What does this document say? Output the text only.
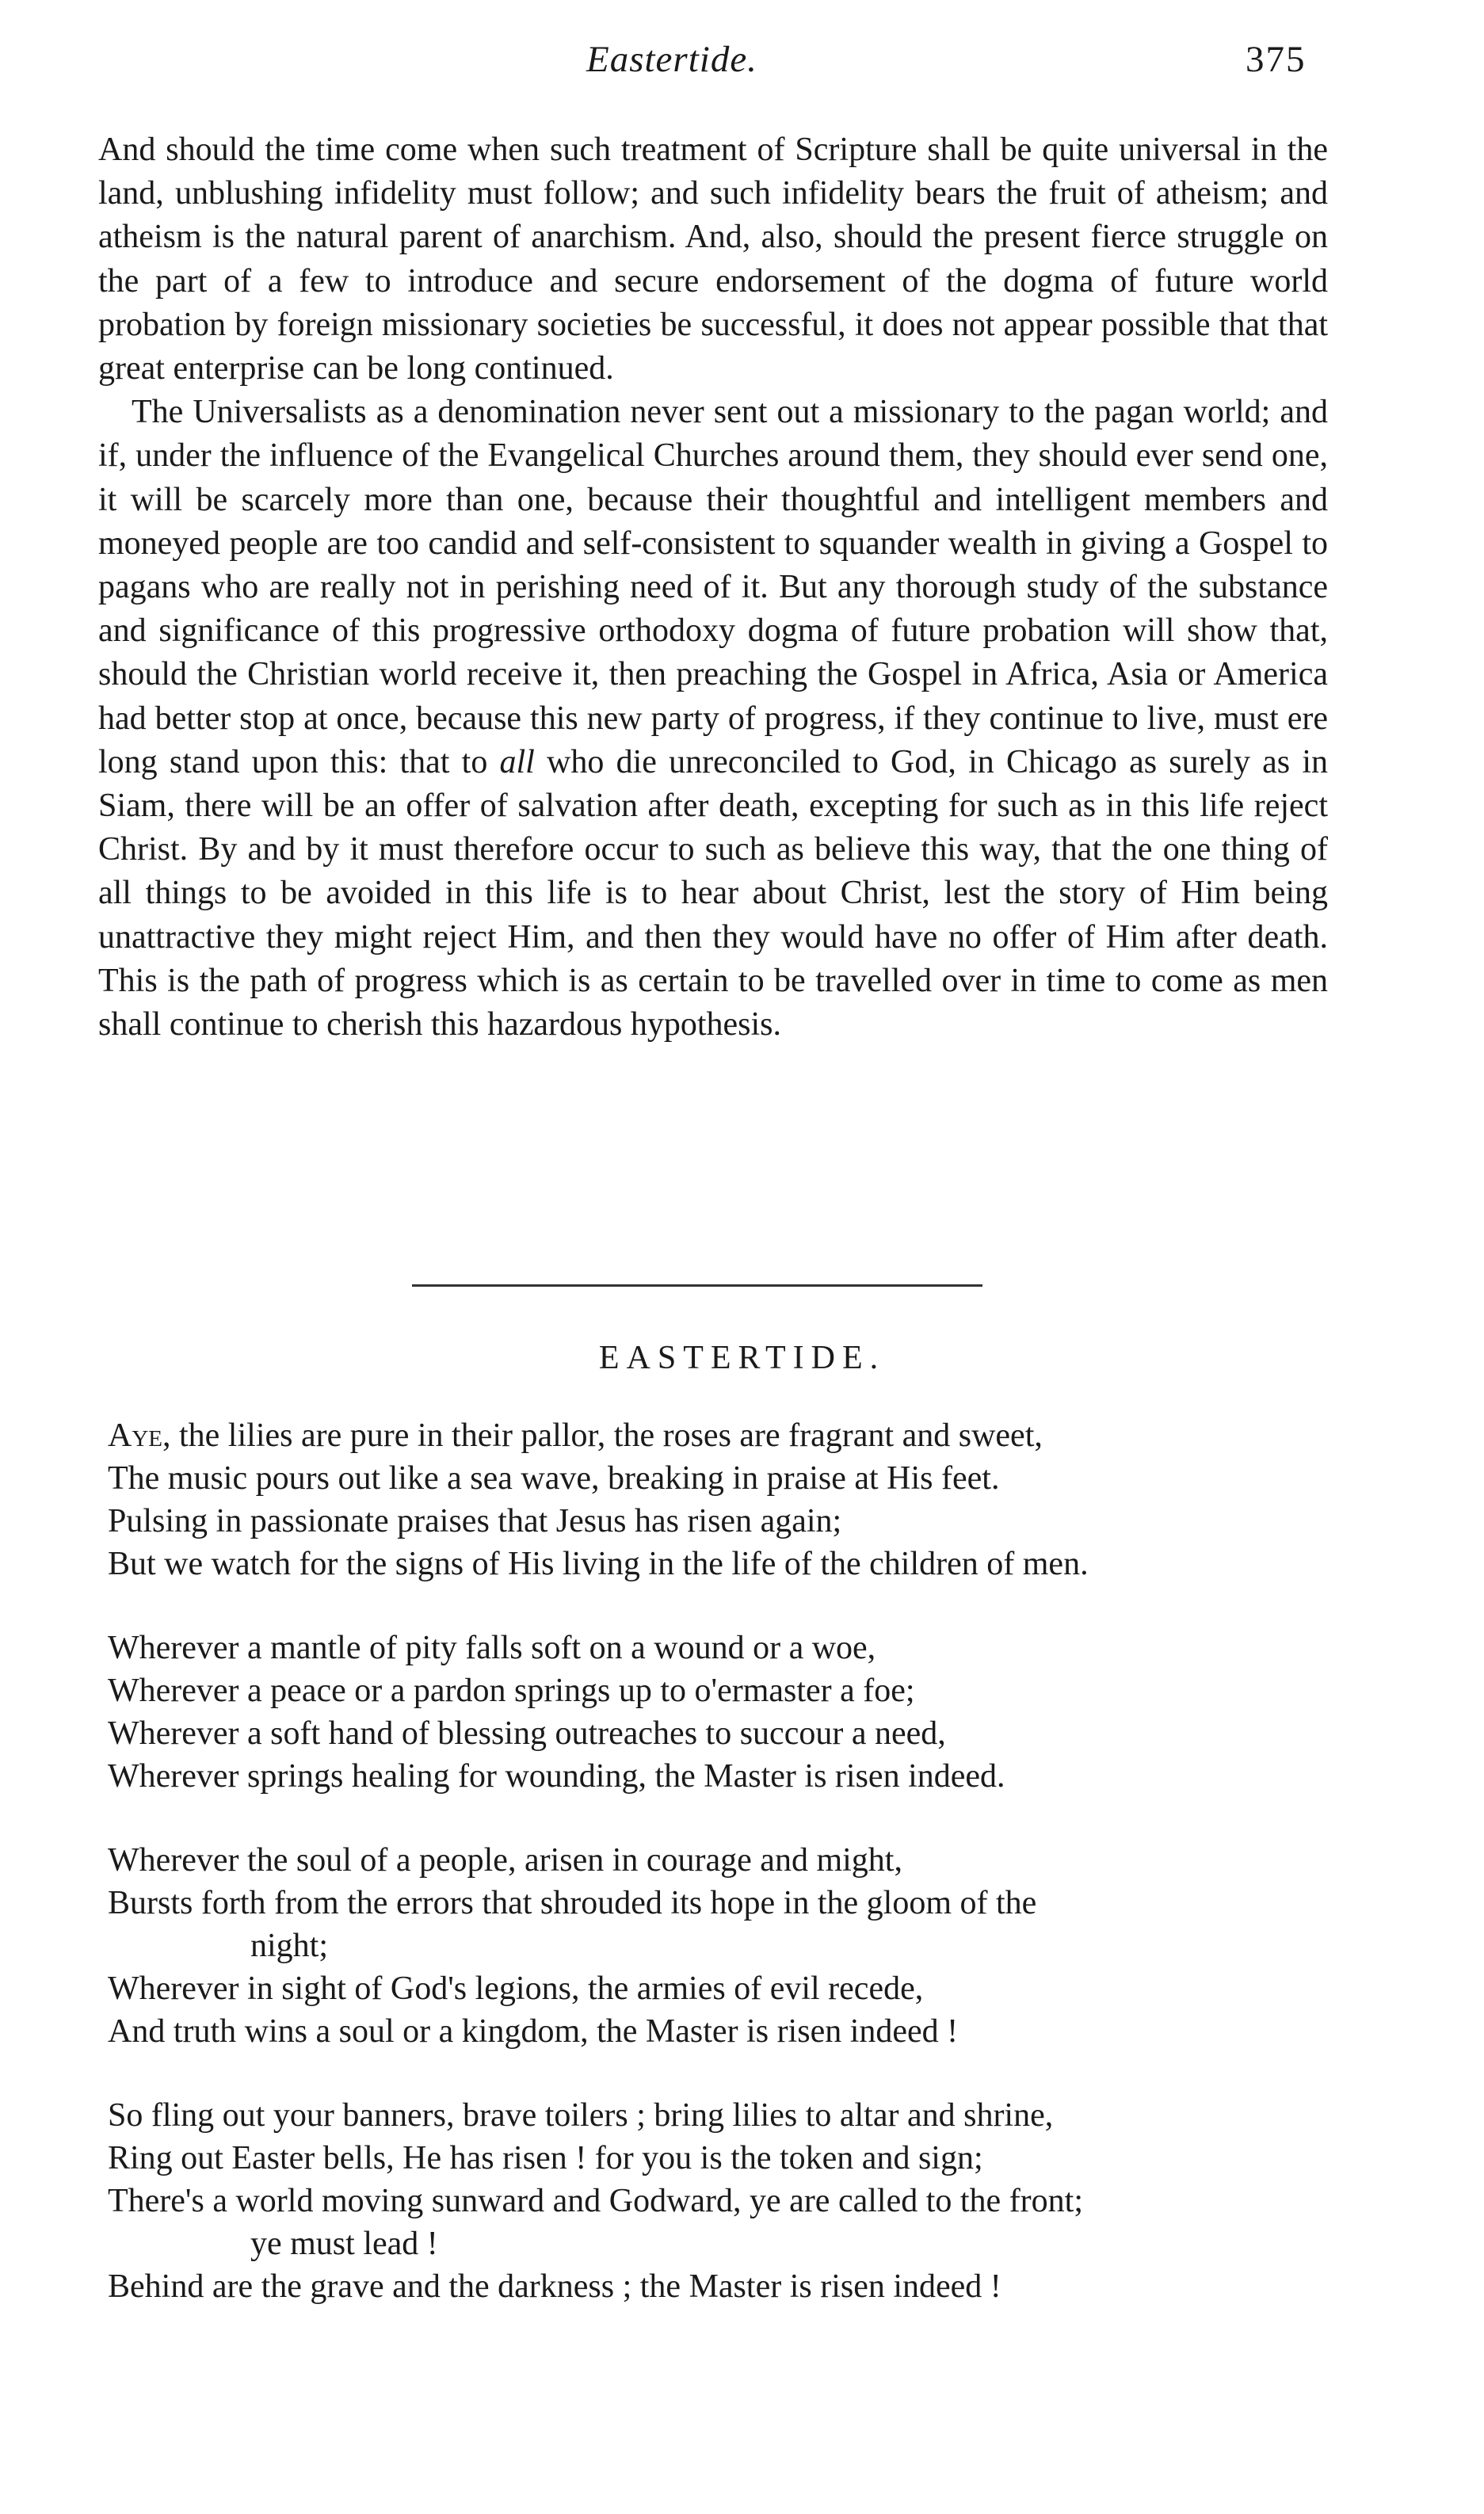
Eastertide.	375

And should the time come when such treatment of Scripture shall be quite universal in the land, unblushing infidelity must follow; and such infidelity bears the fruit of atheism; and atheism is the natural parent of anarchism. And, also, should the present fierce struggle on the part of a few to introduce and secure endorsement of the dogma of future world probation by foreign missionary societies be successful, it does not appear possible that that great enterprise can be long continued.

The Universalists as a denomination never sent out a missionary to the pagan world; and if, under the influence of the Evangelical Churches around them, they should ever send one, it will be scarcely more than one, because their thoughtful and intelligent members and moneyed people are too candid and self-consistent to squander wealth in giving a Gospel to pagans who are really not in perishing need of it. But any thorough study of the substance and significance of this progressive orthodoxy dogma of future probation will show that, should the Christian world receive it, then preaching the Gospel in Africa, Asia or America had better stop at once, because this new party of progress, if they continue to live, must ere long stand upon this: that to all who die unreconciled to God, in Chicago as surely as in Siam, there will be an offer of salvation after death, excepting for such as in this life reject Christ. By and by it must therefore occur to such as believe this way, that the one thing of all things to be avoided in this life is to hear about Christ, lest the story of Him being unattractive they might reject Him, and then they would have no offer of Him after death. This is the path of progress which is as certain to be travelled over in time to come as men shall continue to cherish this hazardous hypothesis.

EASTERTIDE.
Aye, the lilies are pure in their pallor, the roses are fragrant and sweet,
The music pours out like a sea wave, breaking in praise at His feet.
Pulsing in passionate praises that Jesus has risen again;
But we watch for the signs of His living in the life of the children of men.
Wherever a mantle of pity falls soft on a wound or a woe,
Wherever a peace or a pardon springs up to o'ermaster a foe;
Wherever a soft hand of blessing outreaches to succour a need,
Wherever springs healing for wounding, the Master is risen indeed.
Wherever the soul of a people, arisen in courage and might,
Bursts forth from the errors that shrouded its hope in the gloom of the
night;
Wherever in sight of God's legions, the armies of evil recede,
And truth wins a soul or a kingdom, the Master is risen indeed !
So fling out your banners, brave toilers ; bring lilies to altar and shrine,
Ring out Easter bells, He has risen ! for you is the token and sign;
There's a world moving sunward and Godward, ye are called to the front;
ye must lead !
Behind are the grave and the darkness ; the Master is risen indeed !
